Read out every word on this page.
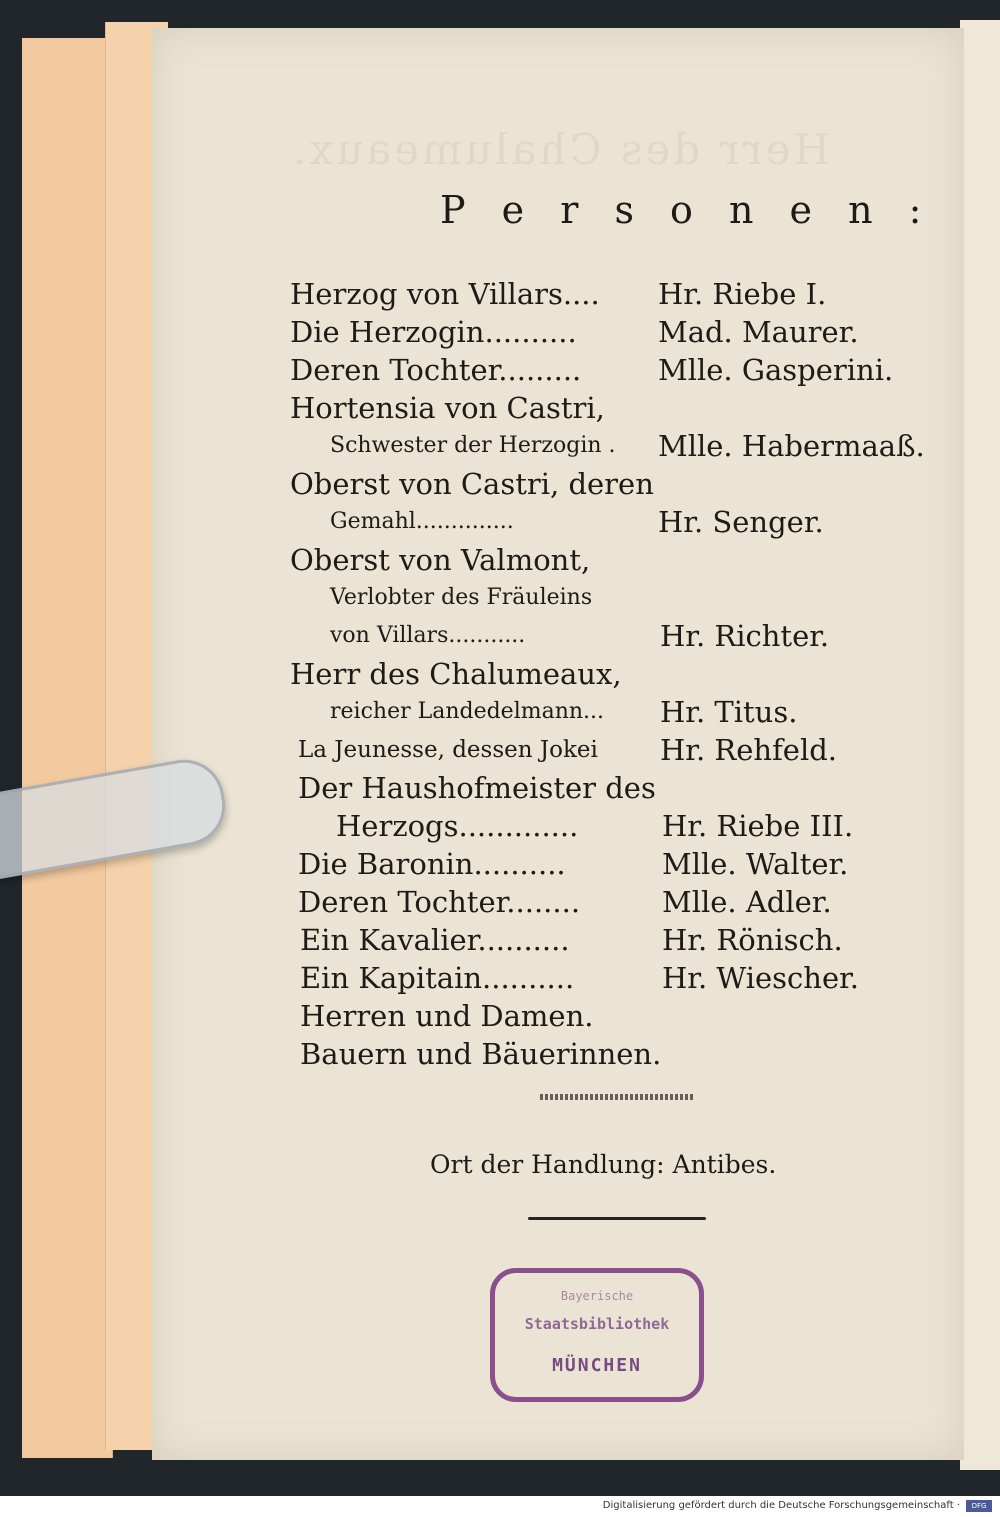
Herr des Chalumeaux.
P e r s o n e n :
Herzog von Villars.... Hr. Riebe I.
Die Herzogin..........	Mad. Maurer.
Deren Tochter.........	Mlle. Gasperini.
Hortensia von Castri,
Schwester der Herzogin . Mlle. Habermaaß.
Oberst von Castri, deren
Gemahl..............	Hr. Senger.
Oberst von Valmont,
Verlobter des Fräuleins
von Villars...........	Hr. Richter.
Herr des Chalumeaux,
reicher Landedelmann... Hr. Titus.
La Jeunesse, dessen Jokei Hr. Rehfeld.
Der Haushofmeister des
Herzogs.............	Hr. Riebe III.
Die Baronin..........	Mlle. Walter.
Deren Tochter........	Mlle. Adler.
Ein Kavalier..........	Hr. Rönisch.
Ein Kapitain..........	Hr. Wiescher.
Herren und Damen.
Bauern und Bäuerinnen.
Ort der Handlung: Antibes.
Bayerische
Staatsbibliothek
MÜNCHEN
Digitalisierung gefördert durch die Deutsche Forschungsgemeinschaft ·	DFG
